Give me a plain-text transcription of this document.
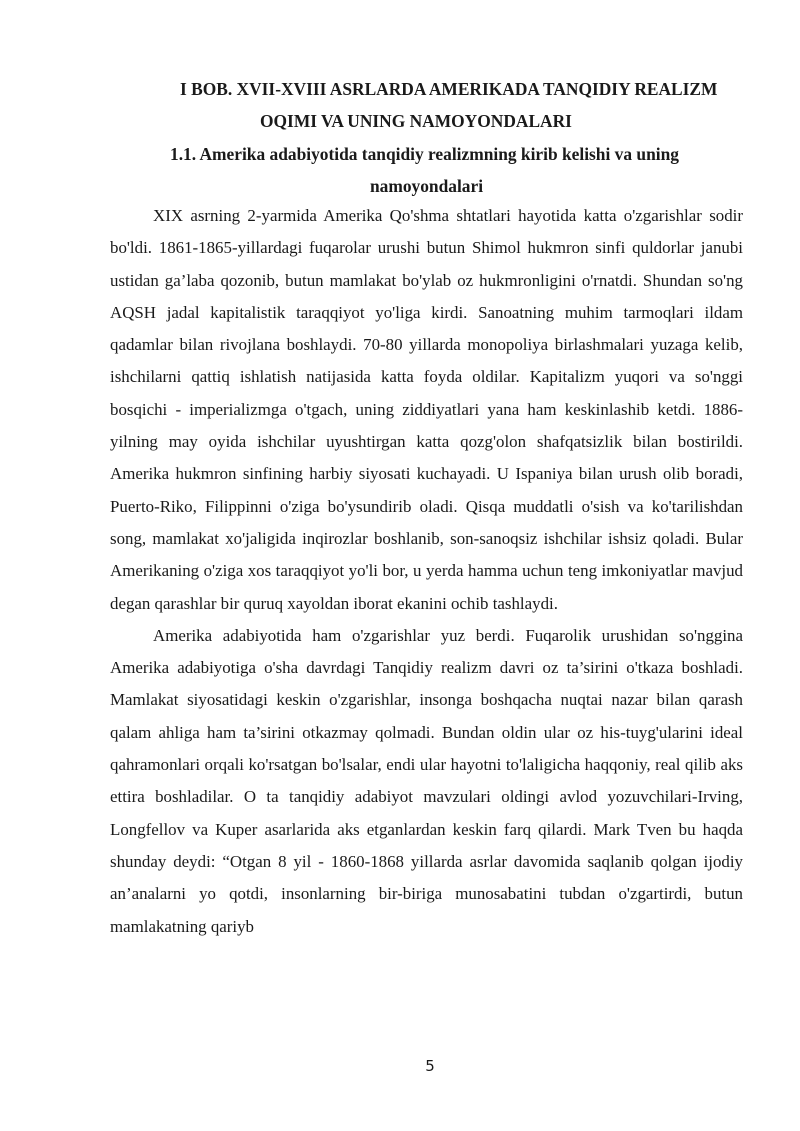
I BOB. XVII-XVIII ASRLARDA AMERIKADA TANQIDIY REALIZM
OQIMI VA UNING NAMOYONDALARI
1.1. Amerika adabiyotida tanqidiy realizmning kirib kelishi va uning
namoyondalari

XIX asrning 2-yarmida Amerika Qo'shma shtatlari hayotida katta o'zgarishlar sodir bo'ldi. 1861-1865-yillardagi fuqarolar urushi butun Shimol hukmron sinfi quldorlar janubi ustidan ga’laba qozonib, butun mamlakat bo'ylab oz hukmronligini o'rnatdi. Shundan so'ng AQSH jadal kapitalistik taraqqiyot yo'liga kirdi. Sanoatning muhim tarmoqlari ildam qadamlar bilan rivojlana boshlaydi. 70-80 yillarda monopoliya birlashmalari yuzaga kelib, ishchilarni qattiq ishlatish natijasida katta foyda oldilar. Kapitalizm yuqori va so'nggi bosqichi - imperializmga o'tgach, uning ziddiyatlari yana ham keskinlashib ketdi. 1886-yilning may oyida ishchilar uyushtirgan katta qozg'olon shafqatsizlik bilan bostirildi. Amerika hukmron sinfining harbiy siyosati kuchayadi. U Ispaniya bilan urush olib boradi, Puerto-Riko, Filippinni o'ziga bo'ysundirib oladi. Qisqa muddatli o'sish va ko'tarilishdan song, mamlakat xo'jaligida inqirozlar boshlanib, son-sanoqsiz ishchilar ishsiz qoladi. Bular Amerikaning o'ziga xos taraqqiyot yo'li bor, u yerda hamma uchun teng imkoniyatlar mavjud degan qarashlar bir quruq xayoldan iborat ekanini ochib tashlaydi.

Amerika adabiyotida ham o'zgarishlar yuz berdi. Fuqarolik urushidan so'nggina Amerika adabiyotiga o'sha davrdagi Tanqidiy realizm davri oz ta’sirini o'tkaza boshladi. Mamlakat siyosatidagi keskin o'zgarishlar, insonga boshqacha nuqtai nazar bilan qarash qalam ahliga ham ta’sirini otkazmay qolmadi. Bundan oldin ular oz his-tuyg'ularini ideal qahramonlari orqali ko'rsatgan bo'lsalar, endi ular hayotni to'laligicha haqqoniy, real qilib aks ettira boshladilar. O ta tanqidiy adabiyot mavzulari oldingi avlod yozuvchilari-Irving, Longfellov va Kuper asarlarida aks etganlardan keskin farq qilardi. Mark Tven bu haqda shunday deydi: “Otgan 8 yil - 1860-1868 yillarda asrlar davomida saqlanib qolgan ijodiy an’analarni yo qotdi, insonlarning bir-biriga munosabatini tubdan o'zgartirdi, butun mamlakatning qariyb

5
